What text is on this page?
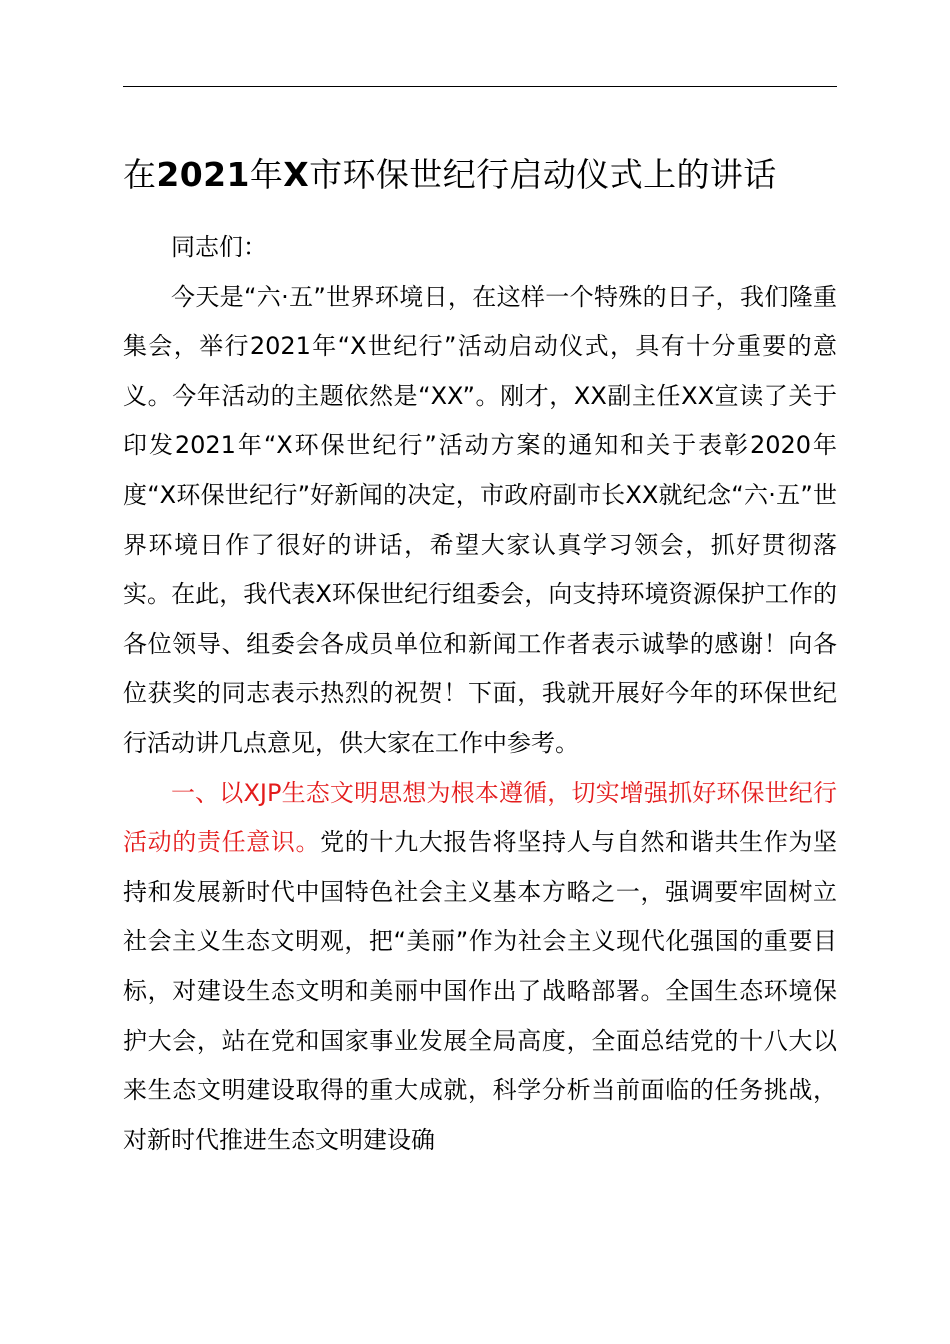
在2021年X市环保世纪行启动仪式上的讲话

同志们：

今天是“六·五”世界环境日，在这样一个特殊的日子，我们隆重集会，举行2021年“X世纪行”活动启动仪式，具有十分重要的意义。今年活动的主题依然是“XX”。刚才，XX副主任XX宣读了关于印发2021年“X环保世纪行”活动方案的通知和关于表彰2020年度“X环保世纪行”好新闻的决定，市政府副市长XX就纪念“六·五”世界环境日作了很好的讲话，希望大家认真学习领会，抓好贯彻落实。在此，我代表X环保世纪行组委会，向支持环境资源保护工作的各位领导、组委会各成员单位和新闻工作者表示诚挚的感谢！向各位获奖的同志表示热烈的祝贺！下面，我就开展好今年的环保世纪行活动讲几点意见，供大家在工作中参考。

一、以XJP生态文明思想为根本遵循，切实增强抓好环保世纪行活动的责任意识。党的十九大报告将坚持人与自然和谐共生作为坚持和发展新时代中国特色社会主义基本方略之一，强调要牢固树立社会主义生态文明观，把“美丽”作为社会主义现代化强国的重要目标，对建设生态文明和美丽中国作出了战略部署。全国生态环境保护大会，站在党和国家事业发展全局高度，全面总结党的十八大以来生态文明建设取得的重大成就，科学分析当前面临的任务挑战，对新时代推进生态文明建设确
